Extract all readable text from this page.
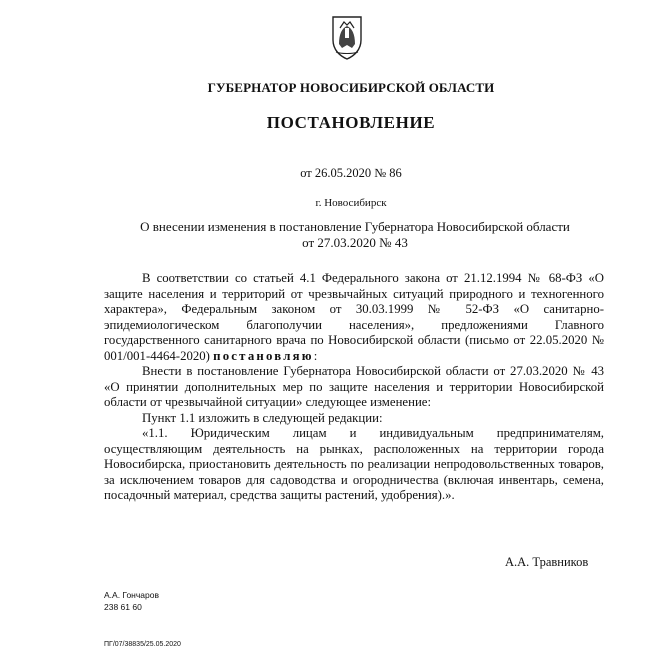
ГУБЕРНАТОР НОВОСИБИРСКОЙ ОБЛАСТИ
ПОСТАНОВЛЕНИЕ
от 26.05.2020 № 86
г. Новосибирск
О внесении изменения в постановление Губернатора Новосибирской области
от 27.03.2020 № 43

В соответствии со статьей 4.1 Федерального закона от 21.12.1994 № 68-ФЗ «О защите населения и территорий от чрезвычайных ситуаций природного и техногенного характера», Федеральным законом от 30.03.1999 № 52-ФЗ «О санитарно-эпидемиологическом благополучии населения», предложениями Главного государственного санитарного врача по Новосибирской области (письмо от 22.05.2020 № 001/001-4464-2020) постановляю:

Внести в постановление Губернатора Новосибирской области от 27.03.2020 № 43 «О принятии дополнительных мер по защите населения и территории Новосибирской области от чрезвычайной ситуации» следующее изменение:

Пункт 1.1 изложить в следующей редакции:

«1.1. Юридическим лицам и индивидуальным предпринимателям, осуществляющим деятельность на рынках, расположенных на территории города Новосибирска, приостановить деятельность по реализации непродовольственных товаров, за исключением товаров для садоводства и огородничества (включая инвентарь, семена, посадочный материал, средства защиты растений, удобрения).».

А.А. Травников
А.А. Гончаров
238 61 60
ПГ/07/38835/25.05.2020
